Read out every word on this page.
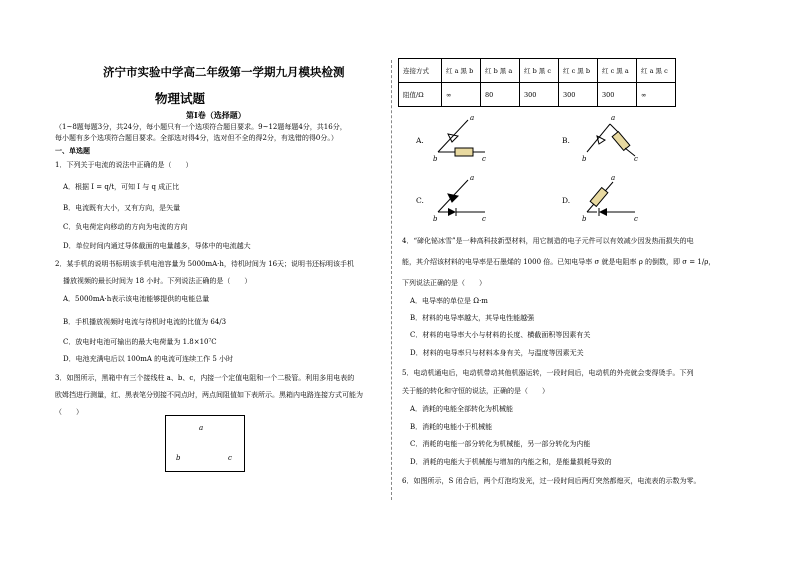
济宁市实验中学高二年级第一学期九月模块检测
物理试题
第Ⅰ卷（选择题）
（1~8题每题3分，共24分，每小题只有一个选项符合题目要求。9~12题每题4分，共16分，
每小题有多个选项符合题目要求。全部选对得4分，选对但不全的得2分，有选错的得0分。）
一、单选题
1．下列关于电流的说法中正确的是（　　）
A．根据 I = q/t，可知 I 与 q 成正比
B．电流既有大小，又有方向，是矢量
C．负电荷定向移动的方向为电流的方向
D．单位时间内通过导体截面的电量越多，导体中的电流越大
2．某手机的说明书标明该手机电池容量为 5000mA·h，待机时间为 16天；说明书还标明该手机
播放视频的最长时间为 18 小时。下列说法正确的是（　　）
A．5000mA·h表示该电池能够提供的电能总量
B．手机播放视频时电流与待机时电流的比值为 64/3
C．放电时电池可输出的最大电荷量为 1.8×10⁷C
D．电池充满电后以 100mA 的电流可连续工作 5 小时
3．如图所示，黑箱中有三个接线柱 a、b、c，内接一个定值电阻和一个二极管。利用多用电表的
欧姆挡进行测量，红、黑表笔分别接不同点时，两点间阻值如下表所示。黑箱内电路连接方式可能为
（　　）
a
b	c
连接方式	红 a 黑 b	红 b 黑 a	红 b 黑 c	红 c 黑 b	红 c 黑 a	红 a 黑 c
阻值/Ω	∞	80	300	300	300	∞
A.
a
b	c
B.
a
b	c
C.
a
b	c
D.
a
b	c
4．“碲化铋冰雪”是一种高科技新型材料，用它制造的电子元件可以有效减少因发热而损失的电
能，其介绍该材料的电导率是石墨烯的 1000 倍。已知电导率 σ 就是电阻率 ρ 的倒数，即 σ = 1/ρ，
下列说法正确的是（　　）
A．电导率的单位是 Ω·m
B．材料的电导率越大，其导电性能越强
C．材料的电导率大小与材料的长度、横截面积等因素有关
D．材料的电导率只与材料本身有关，与温度等因素无关
5．电动机通电后，电动机带动其他机器运转，一段时间后，电动机的外壳就会变得烫手。下列
关于能的转化和守恒的说法，正确的是（　　）
A．消耗的电能全部转化为机械能
B．消耗的电能小于机械能
C．消耗的电能一部分转化为机械能，另一部分转化为内能
D．消耗的电能大于机械能与增加的内能之和，是能量损耗导致的
6．如图所示，S 闭合后，两个灯泡均发光，过一段时间后两灯突然都熄灭，电流表的示数为零。
